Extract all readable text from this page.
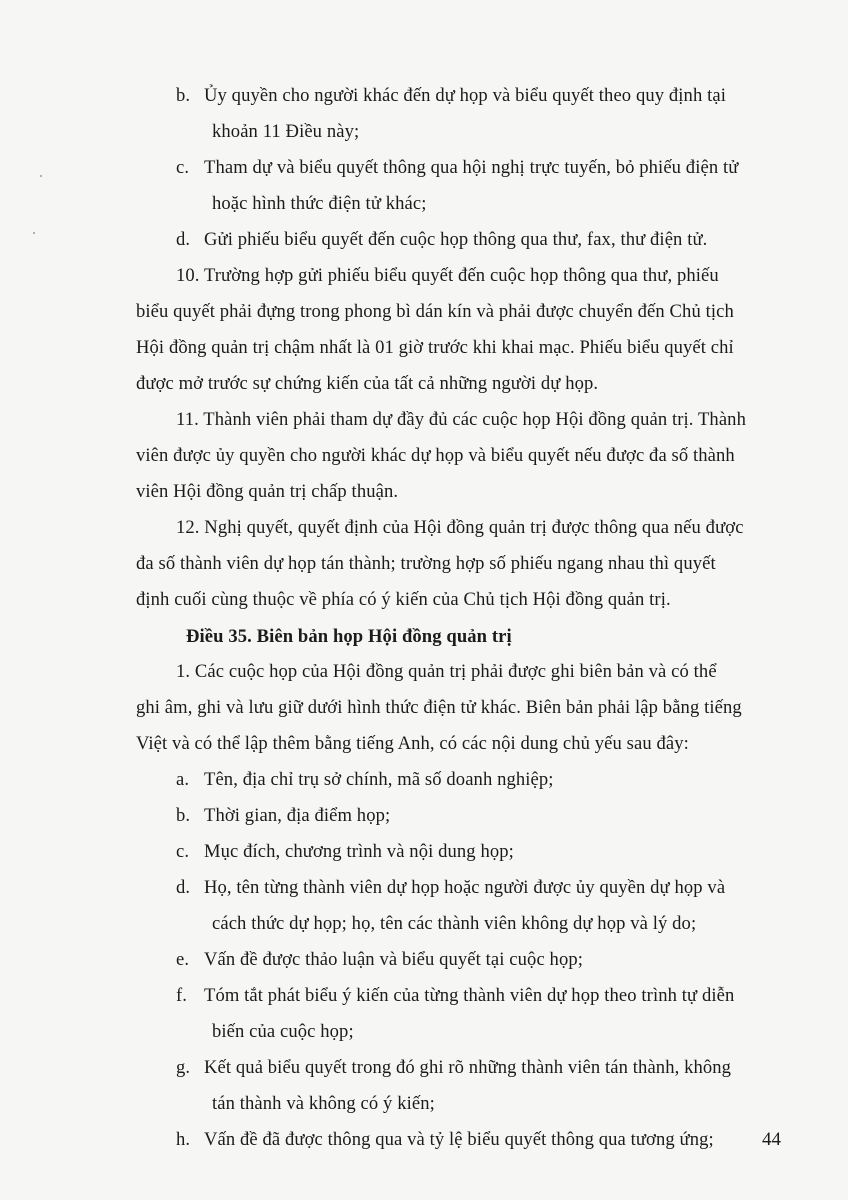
b. Ủy quyền cho người khác đến dự họp và biểu quyết theo quy định tại
khoản 11 Điều này;
c. Tham dự và biểu quyết thông qua hội nghị trực tuyến, bỏ phiếu điện tử
hoặc hình thức điện tử khác;
d. Gửi phiếu biểu quyết đến cuộc họp thông qua thư, fax, thư điện tử.
10. Trường hợp gửi phiếu biểu quyết đến cuộc họp thông qua thư, phiếu
biểu quyết phải đựng trong phong bì dán kín và phải được chuyển đến Chủ tịch
Hội đồng quản trị chậm nhất là 01 giờ trước khi khai mạc. Phiếu biểu quyết chỉ
được mở trước sự chứng kiến của tất cả những người dự họp.
11. Thành viên phải tham dự đầy đủ các cuộc họp Hội đồng quản trị. Thành
viên được ủy quyền cho người khác dự họp và biểu quyết nếu được đa số thành
viên Hội đồng quản trị chấp thuận.
12. Nghị quyết, quyết định của Hội đồng quản trị được thông qua nếu được
đa số thành viên dự họp tán thành; trường hợp số phiếu ngang nhau thì quyết
định cuối cùng thuộc về phía có ý kiến của Chủ tịch Hội đồng quản trị.
Điều 35. Biên bản họp Hội đồng quản trị
1. Các cuộc họp của Hội đồng quản trị phải được ghi biên bản và có thể
ghi âm, ghi và lưu giữ dưới hình thức điện tử khác. Biên bản phải lập bằng tiếng
Việt và có thể lập thêm bằng tiếng Anh, có các nội dung chủ yếu sau đây:
a. Tên, địa chỉ trụ sở chính, mã số doanh nghiệp;
b. Thời gian, địa điểm họp;
c. Mục đích, chương trình và nội dung họp;
d. Họ, tên từng thành viên dự họp hoặc người được ủy quyền dự họp và
cách thức dự họp; họ, tên các thành viên không dự họp và lý do;
e. Vấn đề được thảo luận và biểu quyết tại cuộc họp;
f. Tóm tắt phát biểu ý kiến của từng thành viên dự họp theo trình tự diễn
biến của cuộc họp;
g. Kết quả biểu quyết trong đó ghi rõ những thành viên tán thành, không
tán thành và không có ý kiến;
h. Vấn đề đã được thông qua và tỷ lệ biểu quyết thông qua tương ứng;	44
